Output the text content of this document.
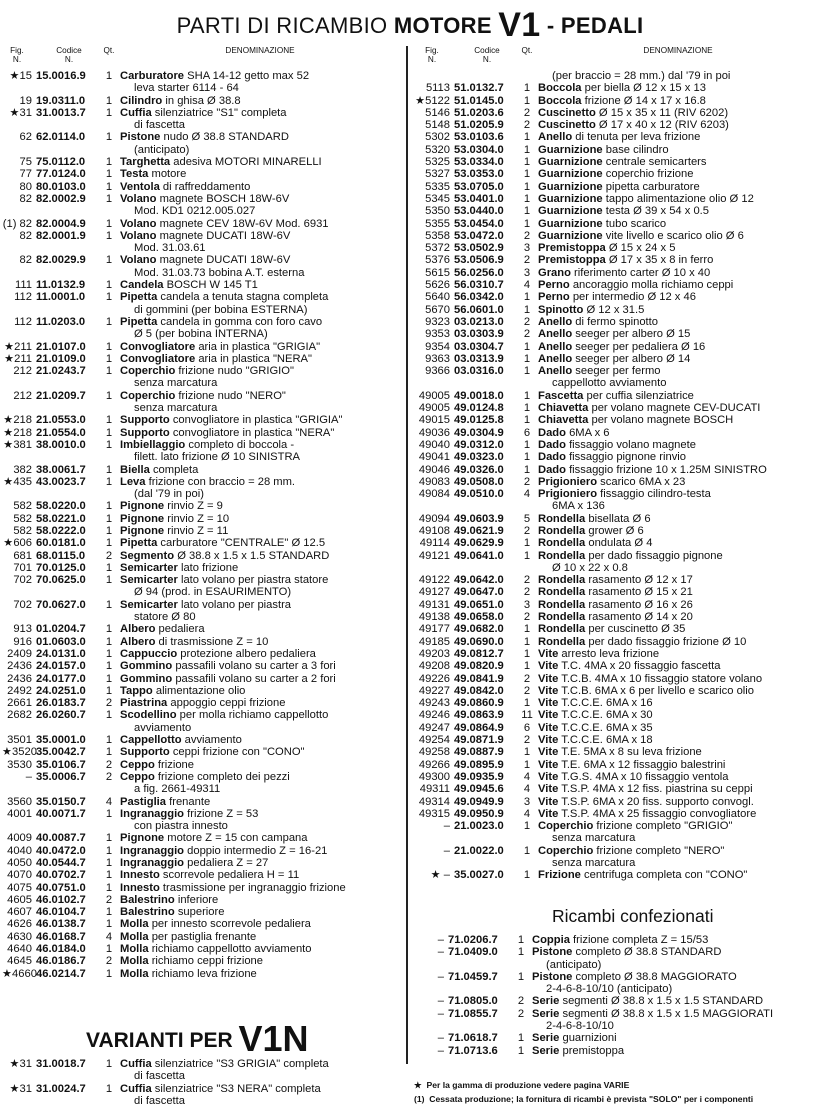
PARTI DI RICAMBIO MOTORE V1 - PEDALI
Fig.
N.
Codice
N.
Qt.	DENOMINAZIONE
★15 15.0016.9	1 Carburatore SHA 14-12 getto max 52
leva starter 6114 - 64
19 19.0311.0	1 Cilindro in ghisa Ø 38.8
★31 31.0013.7	1 Cuffia silenziatrice "S1" completa
di fascetta
62 62.0114.0	1 Pistone nudo Ø 38.8 STANDARD
(anticipato)
75 75.0112.0	1 Targhetta adesiva MOTORI MINARELLI
77 77.0124.0	1 Testa motore
80 80.0103.0	1 Ventola di raffreddamento
82 82.0002.9	1 Volano magnete BOSCH 18W-6V
Mod. KD1 0212.005.027
(1) 82 82.0004.9	1 Volano magnete CEV 18W-6V Mod. 6931
82 82.0001.9	1 Volano magnete DUCATI 18W-6V
Mod. 31.03.61
82 82.0029.9	1 Volano magnete DUCATI 18W-6V
Mod. 31.03.73 bobina A.T. esterna
111 11.0132.9	1 Candela BOSCH W 145 T1
112 11.0001.0	1 Pipetta candela a tenuta stagna completa
di gommini (per bobina ESTERNA)
112 11.0203.0	1 Pipetta candela in gomma con foro cavo
Ø 5 (per bobina INTERNA)
★211 21.0107.0	1 Convogliatore aria in plastica "GRIGIA"
★211 21.0109.0	1 Convogliatore aria in plastica "NERA"
212 21.0243.7	1 Coperchio frizione nudo "GRIGIO"
senza marcatura
212 21.0209.7	1 Coperchio frizione nudo "NERO"
senza marcatura
★218 21.0553.0	1 Supporto convogliatore in plastica "GRIGIA"
★218 21.0554.0	1 Supporto convogliatore in plastica "NERA"
★381 38.0010.0	1 Imbiellaggio completo di boccola -
filett. lato frizione Ø 10 SINISTRA
382 38.0061.7	1 Biella completa
★435 43.0023.7	1 Leva frizione con braccio = 28 mm.
(dal '79 in poi)
582 58.0220.0	1 Pignone rinvio Z = 9
582 58.0221.0	1 Pignone rinvio Z = 10
582 58.0222.0	1 Pignone rinvio Z = 11
★606 60.0181.0	1 Pipetta carburatore "CENTRALE" Ø 12.5
681 68.0115.0	2 Segmento Ø 38.8 x 1.5 x 1.5 STANDARD
701 70.0125.0	1 Semicarter lato frizione
702 70.0625.0	1 Semicarter lato volano per piastra statore
Ø 94 (prod. in ESAURIMENTO)
702 70.0627.0	1 Semicarter lato volano per piastra
statore Ø 80
913 01.0204.7	1 Albero pedaliera
916 01.0603.0	1 Albero di trasmissione Z = 10
2409 24.0131.0	1 Cappuccio protezione albero pedaliera
2436 24.0157.0	1 Gommino passafili volano su carter a 3 fori
2436 24.0177.0	1 Gommino passafili volano su carter a 2 fori
2492 24.0251.0	1 Tappo alimentazione olio
2661 26.0183.7	2 Piastrina appoggio ceppi frizione
2682 26.0260.7	1 Scodellino per molla richiamo cappellotto
avviamento
3501 35.0001.0	1 Cappellotto avviamento
★3520 35.0042.7	1 Supporto ceppi frizione con "CONO"
3530 35.0106.7	2 Ceppo frizione
– 35.0006.7	2 Ceppo frizione completo dei pezzi
a fig. 2661-49311
3560 35.0150.7	4 Pastiglia frenante
4001 40.0071.7	1 Ingranaggio frizione Z = 53
con piastra innesto
4009 40.0087.7	1 Pignone motore Z = 15 con campana
4040 40.0472.0	1 Ingranaggio doppio intermedio Z = 16-21
4050 40.0544.7	1 Ingranaggio pedaliera Z = 27
4070 40.0702.7	1 Innesto scorrevole pedaliera H = 11
4075 40.0751.0	1 Innesto trasmissione per ingranaggio frizione
4605 46.0102.7	2 Balestrino inferiore
4607 46.0104.7	1 Balestrino superiore
4626 46.0138.7	1 Molla per innesto scorrevole pedaliera
4630 46.0168.7	4 Molla per pastiglia frenante
4640 46.0184.0	1 Molla richiamo cappellotto avviamento
4645 46.0186.7	2 Molla richiamo ceppi frizione
★4660 46.0214.7	1 Molla richiamo leva frizione
VARIANTI PER V1N
★31 31.0018.7	1 Cuffia silenziatrice "S3 GRIGIA" completa
di fascetta
★31 31.0024.7	1 Cuffia silenziatrice "S3 NERA" completa
di fascetta
Fig.
N.
Codice
N.
Qt.	DENOMINAZIONE
(per braccio = 28 mm.) dal '79 in poi
5113 51.0132.7	1 Boccola per biella Ø 12 x 15 x 13
★5122 51.0145.0	1 Boccola frizione Ø 14 x 17 x 16.8
5146 51.0203.6	2 Cuscinetto Ø 15 x 35 x 11 (RIV 6202)
5148 51.0205.9	2 Cuscinetto Ø 17 x 40 x 12 (RIV 6203)
5302 53.0103.6	1 Anello di tenuta per leva frizione
5320 53.0304.0	1 Guarnizione base cilindro
5325 53.0334.0	1 Guarnizione centrale semicarters
5327 53.0353.0	1 Guarnizione coperchio frizione
5335 53.0705.0	1 Guarnizione pipetta carburatore
5345 53.0401.0	1 Guarnizione tappo alimentazione olio Ø 12
5350 53.0440.0	1 Guarnizione testa Ø 39 x 54 x 0.5
5355 53.0454.0	1 Guarnizione tubo scarico
5358 53.0472.0	2 Guarnizione vite livello e scarico olio Ø 6
5372 53.0502.9	3 Premistoppa Ø 15 x 24 x 5
5376 53.0506.9	2 Premistoppa Ø 17 x 35 x 8 in ferro
5615 56.0256.0	3 Grano riferimento carter Ø 10 x 40
5626 56.0310.7	4 Perno ancoraggio molla richiamo ceppi
5640 56.0342.0	1 Perno per intermedio Ø 12 x 46
5670 56.0601.0	1 Spinotto Ø 12 x 31.5
9323 03.0213.0	2 Anello di fermo spinotto
9353 03.0303.9	2 Anello seeger per albero Ø 15
9354 03.0304.7	1 Anello seeger per pedaliera Ø 16
9363 03.0313.9	1 Anello seeger per albero Ø 14
9366 03.0316.0	1 Anello seeger per fermo
cappellotto avviamento
49005 49.0018.0	1 Fascetta per cuffia silenziatrice
49005 49.0124.8	1 Chiavetta per volano magnete CEV-DUCATI
49015 49.0125.8	1 Chiavetta per volano magnete BOSCH
49036 49.0304.9	6 Dado 6MA x 6
49040 49.0312.0	1 Dado fissaggio volano magnete
49041 49.0323.0	1 Dado fissaggio pignone rinvio
49046 49.0326.0	1 Dado fissaggio frizione 10 x 1.25M SINISTRO
49083 49.0508.0	2 Prigioniero scarico 6MA x 23
49084 49.0510.0	4 Prigioniero fissaggio cilindro-testa
6MA x 136
49094 49.0603.9	5 Rondella bisellata Ø 6
49108 49.0621.9	2 Rondella grower Ø 6
49114 49.0629.9	1 Rondella ondulata Ø 4
49121 49.0641.0	1 Rondella per dado fissaggio pignone
Ø 10 x 22 x 0.8
49122 49.0642.0	2 Rondella rasamento Ø 12 x 17
49127 49.0647.0	2 Rondella rasamento Ø 15 x 21
49131 49.0651.0	3 Rondella rasamento Ø 16 x 26
49138 49.0658.0	2 Rondella rasamento Ø 14 x 20
49177 49.0682.0	1 Rondella per cuscinetto Ø 35
49185 49.0690.0	1 Rondella per dado fissaggio frizione Ø 10
49203 49.0812.7	1 Vite arresto leva frizione
49208 49.0820.9	1 Vite T.C. 4MA x 20 fissaggio fascetta
49226 49.0841.9	2 Vite T.C.B. 4MA x 10 fissaggio statore volano
49227 49.0842.0	2 Vite T.C.B. 6MA x 6 per livello e scarico olio
49243 49.0860.9	1 Vite T.C.C.E. 6MA x 16
49246 49.0863.9	11 Vite T.C.C.E. 6MA x 30
49247 49.0864.9	6 Vite T.C.C.E. 6MA x 35
49254 49.0871.9	2 Vite T.C.C.E. 6MA x 18
49258 49.0887.9	1 Vite T.E. 5MA x 8 su leva frizione
49266 49.0895.9	1 Vite T.E. 6MA x 12 fissaggio balestrini
49300 49.0935.9	4 Vite T.G.S. 4MA x 10 fissaggio ventola
49311 49.0945.6	4 Vite T.S.P. 4MA x 12 fiss. piastrina su ceppi
49314 49.0949.9	3 Vite T.S.P. 6MA x 20 fiss. supporto convogl.
49315 49.0950.9	4 Vite T.S.P. 4MA x 25 fissaggio convogliatore
– 21.0023.0	1 Coperchio frizione completo "GRIGIO"
senza marcatura
– 21.0022.0	1 Coperchio frizione completo "NERO"
senza marcatura
★ – 35.0027.0	1 Frizione centrifuga completa con "CONO"
Ricambi confezionati
– 71.0206.7	1 Coppia frizione completa Z = 15/53
– 71.0409.0	1 Pistone completo Ø 38.8 STANDARD
(anticipato)
– 71.0459.7	1 Pistone completo Ø 38.8 MAGGIORATO
2-4-6-8-10/10 (anticipato)
– 71.0805.0	2 Serie segmenti Ø 38.8 x 1.5 x 1.5 STANDARD
– 71.0855.7	2 Serie segmenti Ø 38.8 x 1.5 x 1.5 MAGGIORATI
2-4-6-8-10/10
– 71.0618.7	1 Serie guarnizioni
– 71.0713.6	1 Serie premistoppa
★ Per la gamma di produzione vedere pagina VARIE
(1) Cessata produzione; la fornitura di ricambi è prevista "SOLO" per i componenti
